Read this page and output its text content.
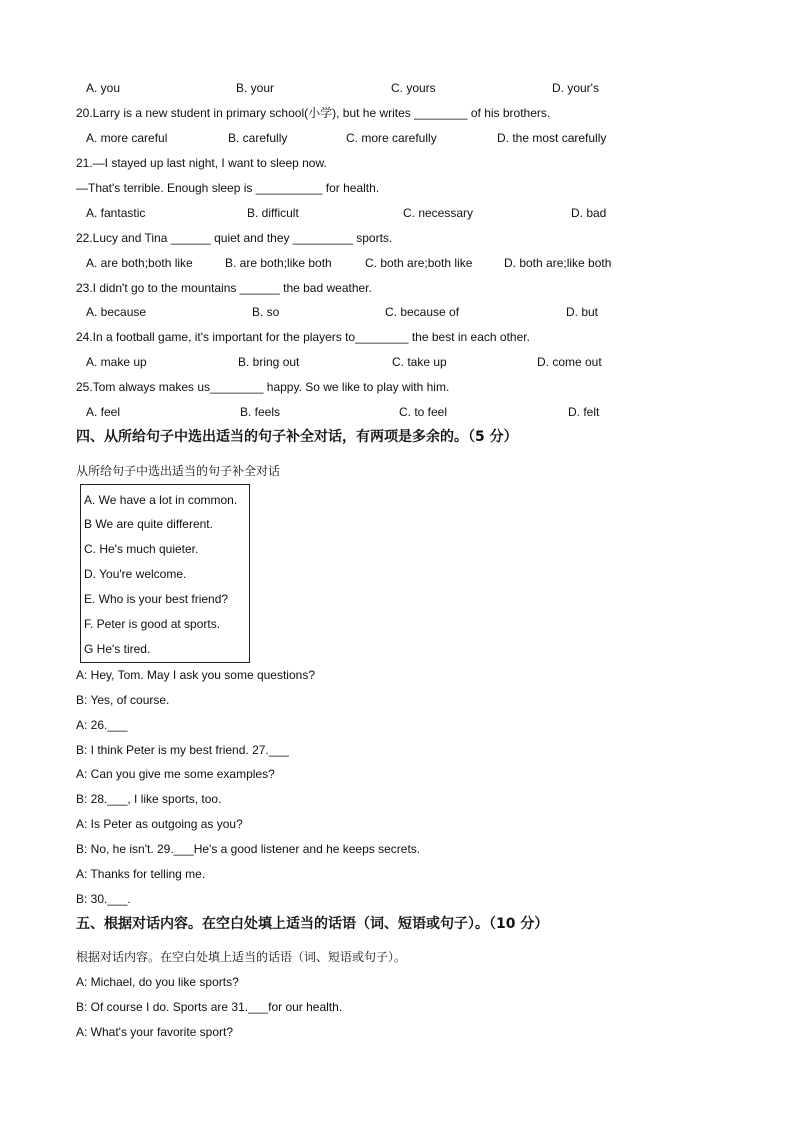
A. you	B. your	C. yours	D. your's
20.Larry is a new student in primary school(小学), but he writes ________ of his brothers.
A. more careful	B. carefully	C. more carefully	D. the most carefully
21.—I stayed up last night, I want to sleep now.
—That's terrible. Enough sleep is __________ for health.
A. fantastic	B. difficult	C. necessary	D. bad
22.Lucy and Tina ______ quiet and they _________ sports.
A. are both;both like	B. are both;like both	C. both are;both like	D. both are;like both
23.I didn't go to the mountains ______ the bad weather.
A. because	B. so	C. because of	D. but
24.In a football game, it's important for the players to________ the best in each other.
A. make up	B. bring out	C. take up	D. come out
25.Tom always makes us________ happy. So we like to play with him.
A. feel	B. feels	C. to feel	D. felt
四、从所给句子中选出适当的句子补全对话，有两项是多余的。（5 分）
从所给句子中选出适当的句子补全对话
A. We have a lot in common.
B We are quite different.
C. He's much quieter.
D. You're welcome.
E. Who is your best friend?
F. Peter is good at sports.
G He's tired.
A: Hey, Tom. May I ask you some questions?
B: Yes, of course.
A: 26.___
B: I think Peter is my best friend. 27.___
A: Can you give me some examples?
B: 28.___, I like sports, too.
A: Is Peter as outgoing as you?
B: No, he isn't. 29.___He's a good listener and he keeps secrets.
A: Thanks for telling me.
B: 30.___.
五、根据对话内容。在空白处填上适当的话语（词、短语或句子）。（10 分）
根据对话内容。在空白处填上适当的话语（词、短语或句子）。
A: Michael, do you like sports?
B: Of course I do. Sports are 31.___for our health.
A: What's your favorite sport?
